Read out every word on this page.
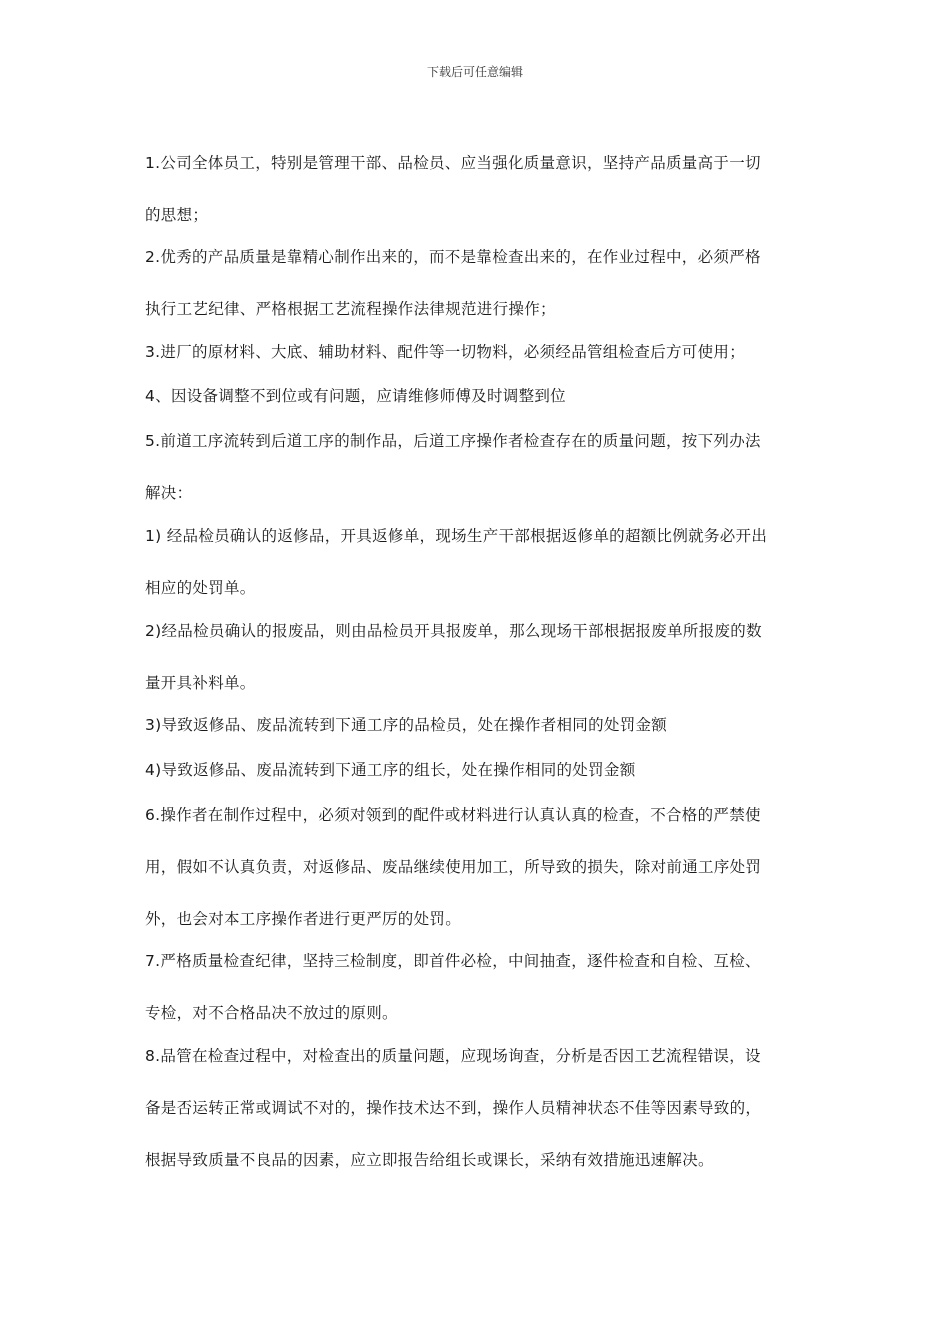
下载后可任意编辑
1.公司全体员工，特别是管理干部、品检员、应当强化质量意识，坚持产品质量高于一切
的思想；
2.优秀的产品质量是靠精心制作出来的，而不是靠检查出来的，在作业过程中，必须严格
执行工艺纪律、严格根据工艺流程操作法律规范进行操作；
3.进厂的原材料、大底、辅助材料、配件等一切物料，必须经品管组检查后方可使用；
4、因设备调整不到位或有问题，应请维修师傅及时调整到位
5.前道工序流转到后道工序的制作品，后道工序操作者检查存在的质量问题，按下列办法
解决：
1) 经品检员确认的返修品，开具返修单，现场生产干部根据返修单的超额比例就务必开出
相应的处罚单。
2)经品检员确认的报废品，则由品检员开具报废单，那么现场干部根据报废单所报废的数
量开具补料单。
3)导致返修品、废品流转到下通工序的品检员，处在操作者相同的处罚金额
4)导致返修品、废品流转到下通工序的组长，处在操作相同的处罚金额
6.操作者在制作过程中，必须对领到的配件或材料进行认真认真的检查，不合格的严禁使
用，假如不认真负责，对返修品、废品继续使用加工，所导致的损失，除对前通工序处罚
外，也会对本工序操作者进行更严厉的处罚。
7.严格质量检查纪律，坚持三检制度，即首件必检，中间抽查，逐件检查和自检、互检、
专检，对不合格品决不放过的原则。
8.品管在检查过程中，对检查出的质量问题，应现场询查，分析是否因工艺流程错误，设
备是否运转正常或调试不对的，操作技术达不到，操作人员精神状态不佳等因素导致的，
根据导致质量不良品的因素，应立即报告给组长或课长，采纳有效措施迅速解决。
